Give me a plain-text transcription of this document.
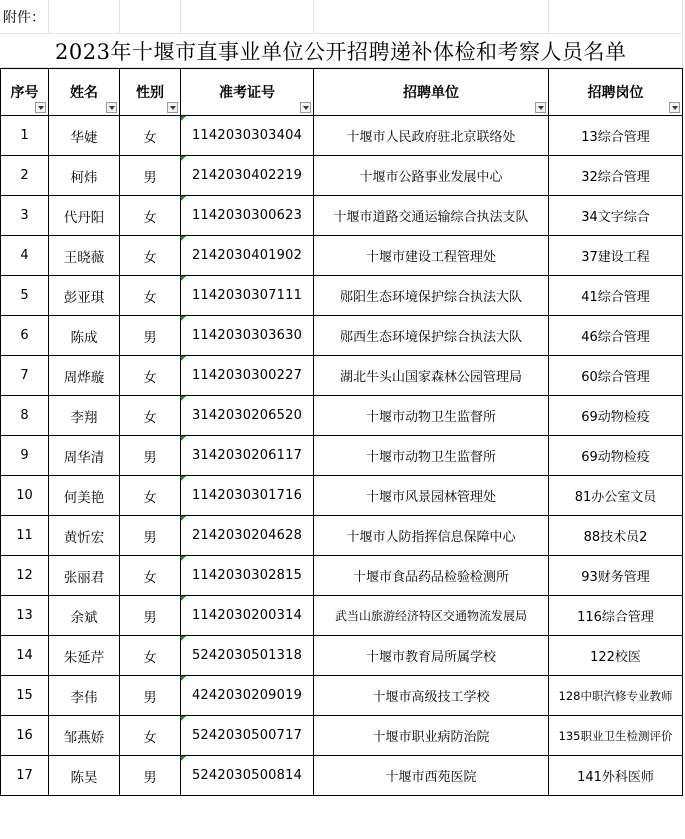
附件：					
2023年十堰市直事业单位公开招聘递补体检和考察人员名单
序号	姓名	性别	准考证号	招聘单位	招聘岗位

1	华婕	女	1142030303404	十堰市人民政府驻北京联络处	13综合管理
2	柯炜	男	2142030402219	十堰市公路事业发展中心	32综合管理
3	代丹阳	女	1142030300623	十堰市道路交通运输综合执法支队	34文字综合
4	王晓薇	女	2142030401902	十堰市建设工程管理处	37建设工程
5	彭亚琪	女	1142030307111	郧阳生态环境保护综合执法大队	41综合管理
6	陈成	男	1142030303630	郧西生态环境保护综合执法大队	46综合管理
7	周烨璇	女	1142030300227	湖北牛头山国家森林公园管理局	60综合管理
8	李翔	女	3142030206520	十堰市动物卫生监督所	69动物检疫
9	周华清	男	3142030206117	十堰市动物卫生监督所	69动物检疫
10	何美艳	女	1142030301716	十堰市风景园林管理处	81办公室文员
11	黄忻宏	男	2142030204628	十堰市人防指挥信息保障中心	88技术员2
12	张丽君	女	1142030302815	十堰市食品药品检验检测所	93财务管理
13	余斌	男	1142030200314	武当山旅游经济特区交通物流发展局	116综合管理
14	朱延芹	女	5242030501318	十堰市教育局所属学校	122校医
15	李伟	男	4242030209019	十堰市高级技工学校	128中职汽修专业教师
16	邹燕娇	女	5242030500717	十堰市职业病防治院	135职业卫生检测评价
17	陈昊	男	5242030500814	十堰市西苑医院	141外科医师
